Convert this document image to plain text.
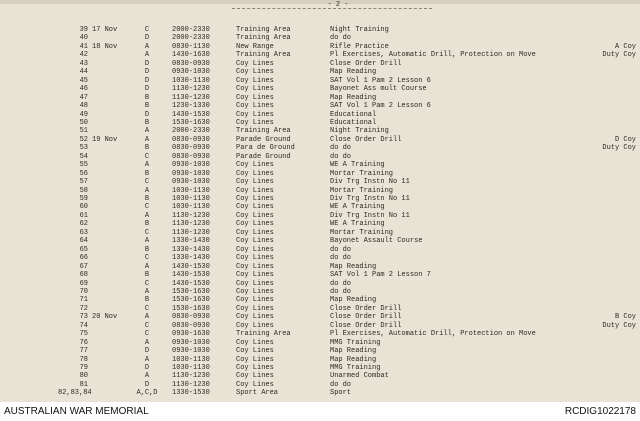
- 2 -
39 17 Nov	C	2000-2330	Training Area	Night Training
40	D	2000-2330	Training Area	do do
41 18 Nov	A	0830-1130	New Range	Rifle Practice	A Coy
42	A	1430-1630	Training Area	Pl Exercises, Automatic Drill, Protection on Move	Duty Coy
43	D	0830-0930	Coy Lines	Close Order Drill
44	D	0930-1030	Coy Lines	Map Reading
45	D	1030-1130	Coy Lines	SAT Vol 1 Pam 2 Lesson 6
46	D	1130-1230	Coy Lines	Bayonet Ass mult Course
47	B	1130-1230	Coy Lines	Map Reading
48	B	1230-1330	Coy Lines	SAT Vol 1 Pam 2 Lesson 6
49	D	1430-1530	Coy Lines	Educational
50	B	1530-1630	Coy Lines	Educational
51	A	2000-2330	Training Area	Night Training
52 19 Nov	A	0830-0930	Parade Ground	Close Order Drill	D Coy
53	B	0830-0930	Para de Ground	do do	Duty Coy
54	C	0830-0930	Parade Ground	do do
55	A	0930-1030	Coy Lines	WE A Training
56	B	0930-1030	Coy Lines	Mortar Training
57	C	0930-1030	Coy Lines	Div Trg Instn No 11
58	A	1030-1130	Coy Lines	Mortar Training
59	B	1030-1130	Coy Lines	Div Trg Instn No 11
60	C	1030-1130	Coy Lines	WE A Training
61	A	1130-1230	Coy Lines	Div Trg Instn No 11
62	B	1130-1230	Coy Lines	WE A Training
63	C	1130-1230	Coy Lines	Mortar Training
64	A	1330-1430	Coy Lines	Bayonet Assault Course
65	B	1330-1430	Coy Lines	do do
66	C	1330-1430	Coy Lines	do do
67	A	1430-1530	Coy Lines	Map Reading
68	B	1430-1530	Coy Lines	SAT Vol 1 Pam 2 Lesson 7
69	C	1430-1530	Coy Lines	do do
70	A	1530-1630	Coy Lines	do do
71	B	1530-1630	Coy Lines	Map Reading
72	C	1530-1630	Coy Lines	Close Order Drill
73 20 Nov	A	0830-0930	Coy Lines	Close Order Drill	B Coy
74	C	0830-0930	Coy Lines	Close Order Drill	Duty Coy
75	C	0930-1630	Training Area	Pl Exercises, Automatic Drill, Protection on Move
76	A	0930-1030	Coy Lines	MMG Training
77	D	0930-1030	Coy Lines	Map Reading
78	A	1030-1130	Coy Lines	Map Reading
79	D	1030-1130	Coy Lines	MMG Training
80	A	1130-1230	Coy Lines	Unarmed Combat
81	D	1130-1230	Coy Lines	do do
82,83,84	A,C,D	1330-1530	Sport Area	Sport
AUSTRALIAN WAR MEMORIAL	RCDIG1022178
